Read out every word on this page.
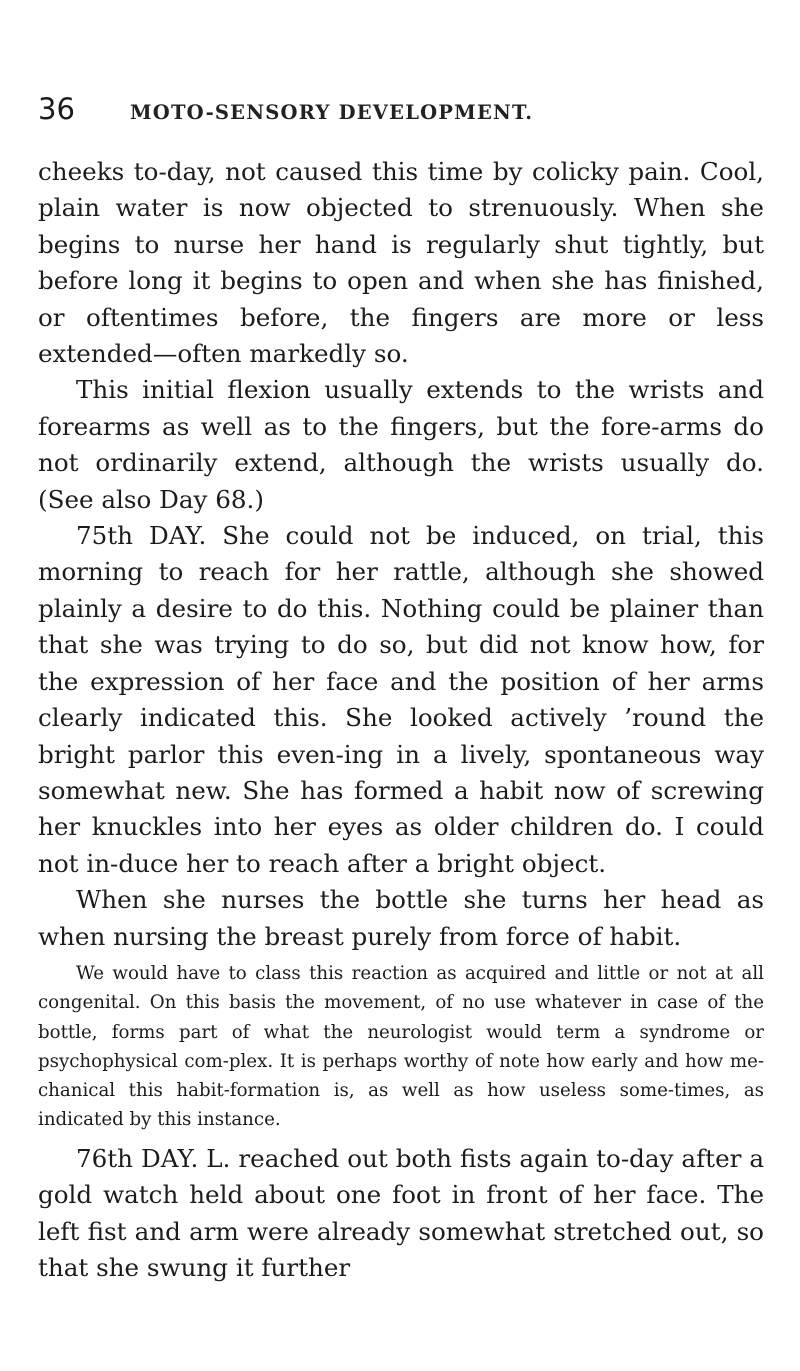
36	MOTO-SENSORY DEVELOPMENT.

cheeks to-day, not caused this time by colicky pain. Cool, plain water is now objected to strenuously. When she begins to nurse her hand is regularly shut tightly, but before long it begins to open and when she has finished, or oftentimes before, the fingers are more or less extended—often markedly so.

This initial flexion usually extends to the wrists and forearms as well as to the fingers, but the fore-arms do not ordinarily extend, although the wrists usually do. (See also Day 68.)

75th DAY. She could not be induced, on trial, this morning to reach for her rattle, although she showed plainly a desire to do this. Nothing could be plainer than that she was trying to do so, but did not know how, for the expression of her face and the position of her arms clearly indicated this. She looked actively ’round the bright parlor this even-ing in a lively, spontaneous way somewhat new. She has formed a habit now of screwing her knuckles into her eyes as older children do. I could not in-duce her to reach after a bright object.

When she nurses the bottle she turns her head as when nursing the breast purely from force of habit.

We would have to class this reaction as acquired and little or not at all congenital. On this basis the movement, of no use whatever in case of the bottle, forms part of what the neurologist would term a syndrome or psychophysical com-plex. It is perhaps worthy of note how early and how me-chanical this habit-formation is, as well as how useless some-times, as indicated by this instance.

76th DAY. L. reached out both fists again to-day after a gold watch held about one foot in front of her face. The left fist and arm were already somewhat stretched out, so that she swung it further
